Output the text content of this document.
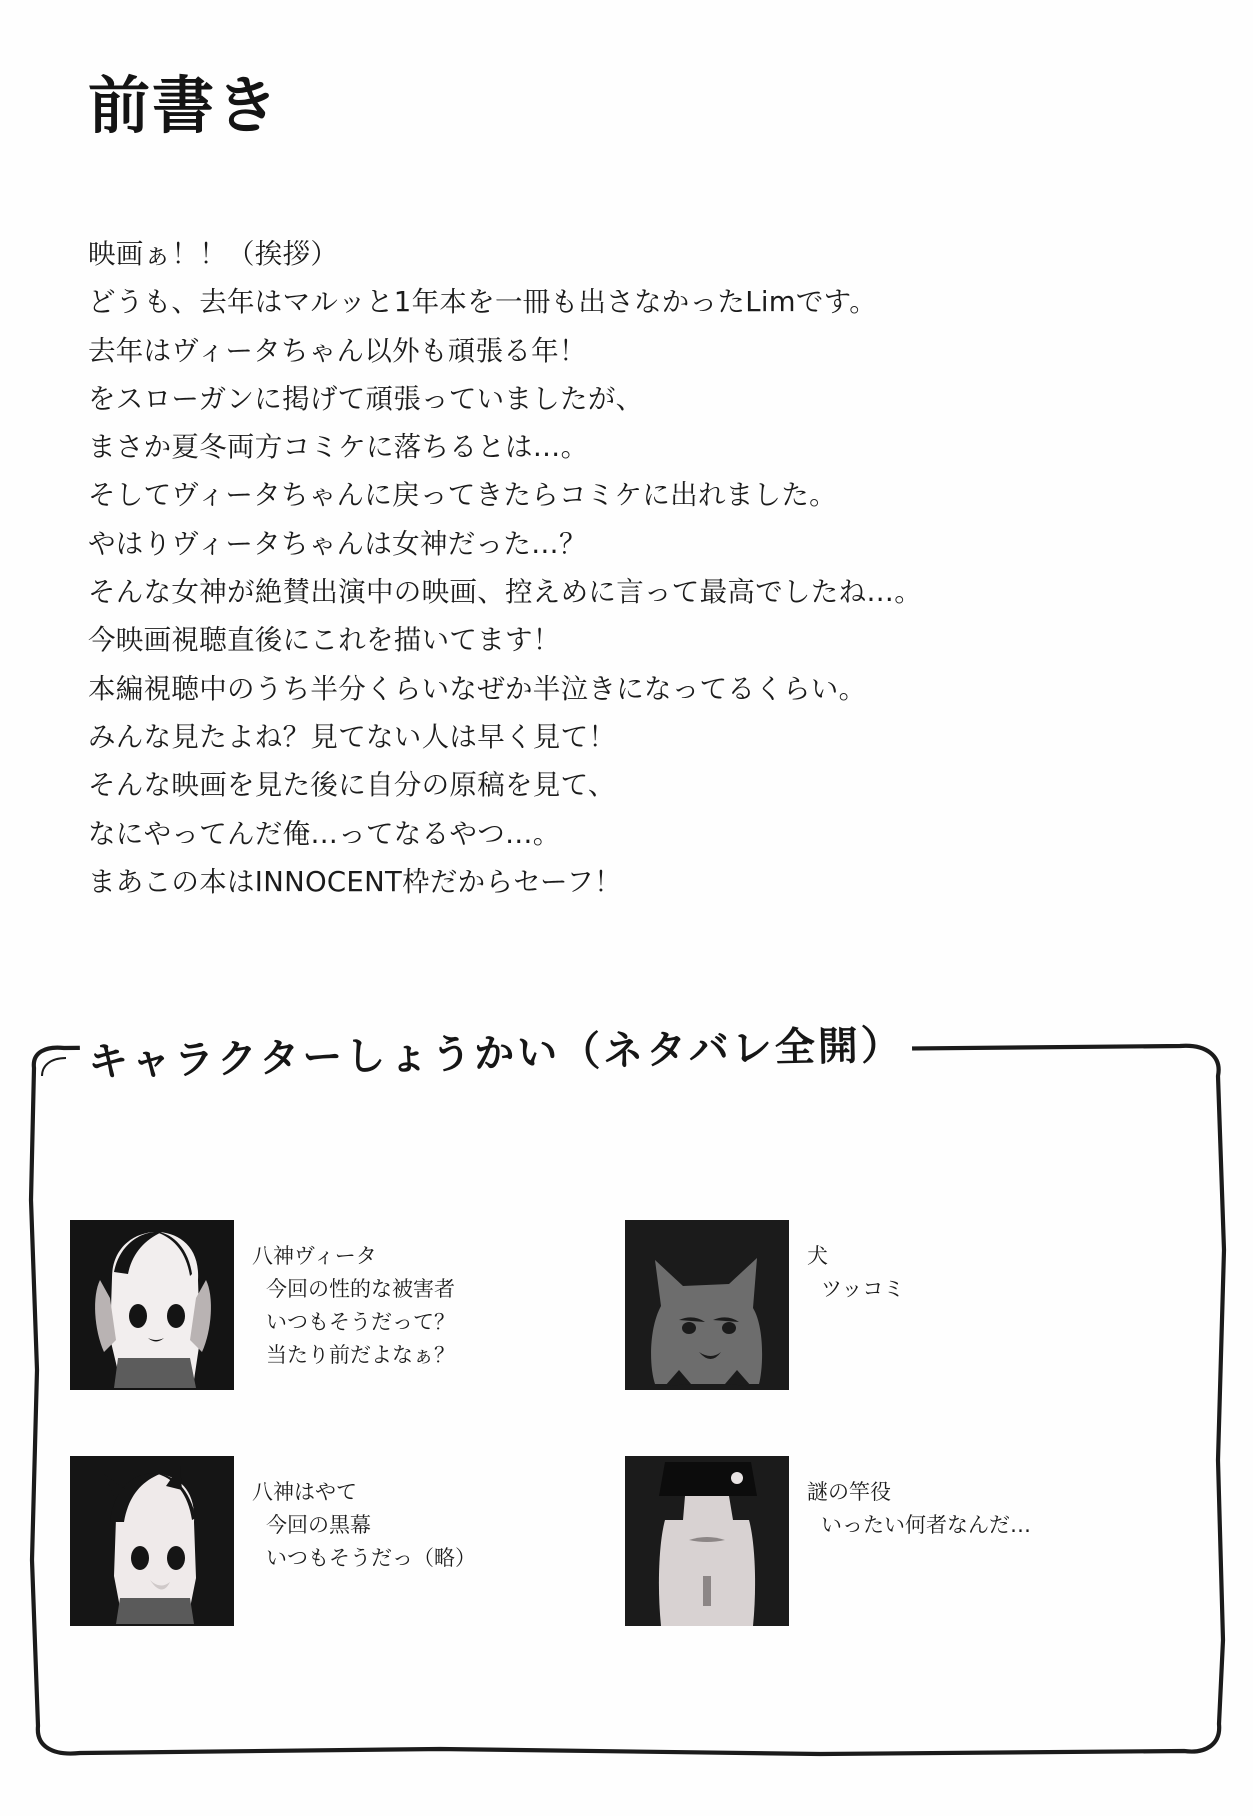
前書き
映画ぁ！！（挨拶）
どうも、去年はマルッと1年本を一冊も出さなかったLimです。
去年はヴィータちゃん以外も頑張る年！
をスローガンに掲げて頑張っていましたが、
まさか夏冬両方コミケに落ちるとは…。
そしてヴィータちゃんに戻ってきたらコミケに出れました。
やはりヴィータちゃんは女神だった…？
そんな女神が絶賛出演中の映画、控えめに言って最高でしたね…。
今映画視聴直後にこれを描いてます！
本編視聴中のうち半分くらいなぜか半泣きになってるくらい。
みんな見たよね？見てない人は早く見て！
そんな映画を見た後に自分の原稿を見て、
なにやってんだ俺…ってなるやつ…。
まあこの本はINNOCENT枠だからセーフ！
キャラクターしょうかい（ネタバレ全開）
八神ヴィータ
今回の性的な被害者
いつもそうだって？
当たり前だよなぁ？
犬
ツッコミ
八神はやて
今回の黒幕
いつもそうだっ（略）
謎の竿役
いったい何者なんだ…
